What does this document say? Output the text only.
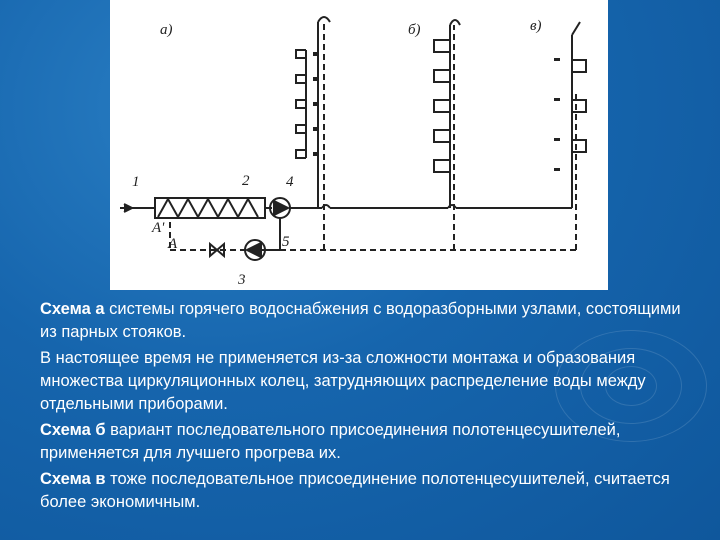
a)	б)	в)
1	2
3
4
5
A
A'
Схема а системы горячего водоснабжения с водоразборными узлами, состоящими из парных стояков.
В настоящее время не применяется из-за сложности монтажа и образования множества циркуляционных колец, затрудняющих распределение воды между отдельными приборами.
Схема б вариант последовательного присоединения полотенцесушителей, применяется для лучшего прогрева их.
Схема в тоже последовательное присоединение полотенцесушителей, считается более экономичным.
